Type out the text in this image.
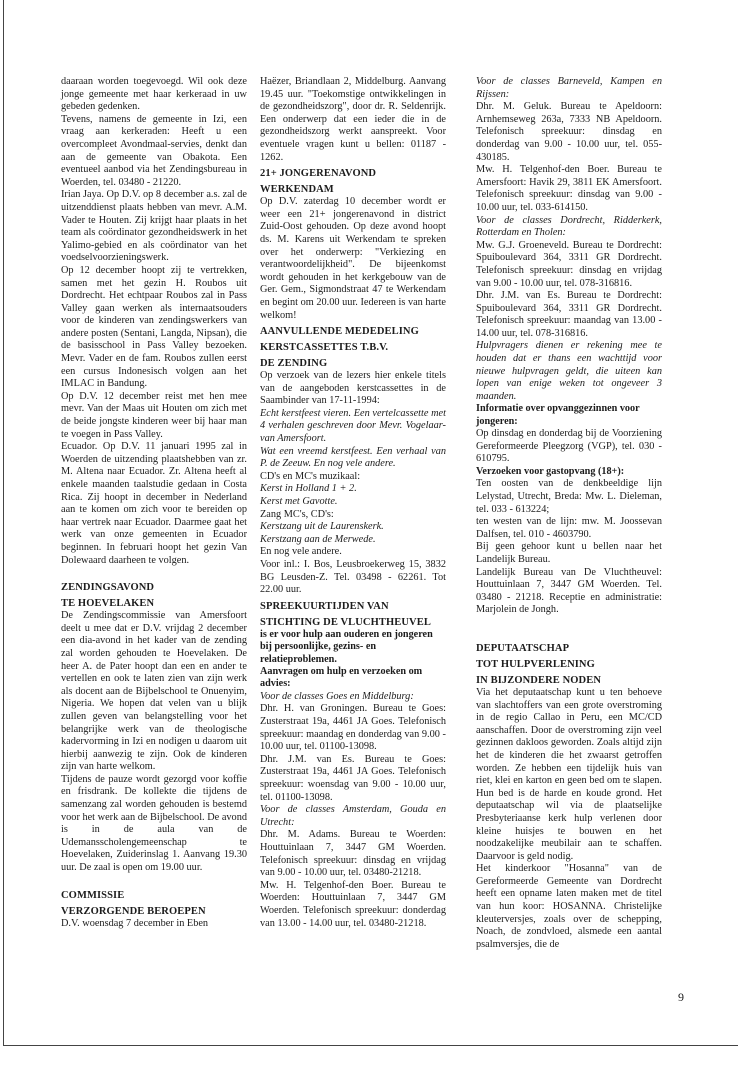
daaraan worden toegevoegd. Wil ook deze jonge gemeente met haar kerkeraad in uw gebeden gedenken.

Tevens, namens de gemeente in Izi, een vraag aan kerkeraden: Heeft u een overcompleet Avondmaal-servies, denkt dan aan de gemeente van Obakota. Een eventueel aanbod via het Zendingsbureau in Woerden, tel. 03480 - 21220.

Irian Jaya. Op D.V. op 8 december a.s. zal de uitzenddienst plaats hebben van mevr. A.M. Vader te Houten. Zij krijgt haar plaats in het team als coördinator gezondheidswerk in het Yalimo-gebied en als coördinator van het voedselvoorzieningswerk.

Op 12 december hoopt zij te vertrekken, samen met het gezin H. Roubos uit Dordrecht. Het echtpaar Roubos zal in Pass Valley gaan werken als internaatsouders voor de kinderen van zendingswerkers van andere posten (Sentani, Langda, Nipsan), die de basisschool in Pass Valley bezoeken. Mevr. Vader en de fam. Roubos zullen eerst een cursus Indonesisch volgen aan het IMLAC in Bandung.

Op D.V. 12 december reist met hen mee mevr. Van der Maas uit Houten om zich met de beide jongste kinderen weer bij haar man te voegen in Pass Valley.

Ecuador. Op D.V. 11 januari 1995 zal in Woerden de uitzending plaatshebben van zr. M. Altena naar Ecuador. Zr. Altena heeft al enkele maanden taalstudie gedaan in Costa Rica. Zij hoopt in december in Nederland aan te komen om zich voor te bereiden op haar vertrek naar Ecuador. Daarmee gaat het werk van onze gemeenten in Ecuador beginnen. In februari hoopt het gezin Van Dolewaard daarheen te volgen.

ZENDINGSAVOND
TE HOEVELAKEN

De Zendingscommissie van Amersfoort deelt u mee dat er D.V. vrijdag 2 december een dia-avond in het kader van de zending zal worden gehouden te Hoevelaken. De heer A. de Pater hoopt dan een en ander te vertellen en ook te laten zien van zijn werk als docent aan de Bijbelschool te Onuenyim, Nigeria. We hopen dat velen van u blijk zullen geven van belangstelling voor het belangrijke werk van de theologische kadervorming in Izi en nodigen u daarom uit hierbij aanwezig te zijn. Ook de kinderen zijn van harte welkom.

Tijdens de pauze wordt gezorgd voor koffie en frisdrank. De kollekte die tijdens de samenzang zal worden gehouden is bestemd voor het werk aan de Bijbelschool. De avond is in de aula van de Udemansscholengemeenschap te Hoevelaken, Zuiderinslag 1. Aanvang 19.30 uur. De zaal is open om 19.00 uur.

COMMISSIE
VERZORGENDE BEROEPEN

D.V. woensdag 7 december in Eben

Haëzer, Briandlaan 2, Middelburg. Aanvang 19.45 uur. "Toekomstige ontwikkelingen in de gezondheidszorg", door dr. R. Seldenrijk. Een onderwerp dat een ieder die in de gezondheidszorg werkt aanspreekt. Voor eventuele vragen kunt u bellen: 01187 - 1262.

21+ JONGERENAVOND
WERKENDAM

Op D.V. zaterdag 10 december wordt er weer een 21+ jongerenavond in district Zuid-Oost gehouden. Op deze avond hoopt ds. M. Karens uit Werkendam te spreken over het onderwerp: "Verkiezing en verantwoordelijkheid". De bijeenkomst wordt gehouden in het kerkgebouw van de Ger. Gem., Sigmondstraat 47 te Werkendam en begint om 20.00 uur. Iedereen is van harte welkom!

AANVULLENDE MEDEDELING
KERSTCASSETTES T.B.V.
DE ZENDING

Op verzoek van de lezers hier enkele titels van de aangeboden kerstcassettes in de Saambinder van 17-11-1994:

Echt kerstfeest vieren. Een vertelcassette met 4 verhalen geschreven door Mevr. Vogelaar-van Amersfoort.

Wat een vreemd kerstfeest. Een verhaal van P. de Zeeuw. En nog vele andere.

CD's en MC's muzikaal:

Kerst in Holland 1 + 2.

Kerst met Gavotte.

Zang MC's, CD's:

Kerstzang uit de Laurenskerk.

Kerstzang aan de Merwede.

En nog vele andere.

Voor inl.: I. Bos, Leusbroekerweg 15, 3832 BG Leusden-Z. Tel. 03498 - 62261. Tot 22.00 uur.

SPREEKUURTIJDEN VAN
STICHTING DE VLUCHTHEUVEL
is er voor hulp aan ouderen en jongeren bij persoonlijke, gezins- en relatieproblemen.
Aanvragen om hulp en verzoeken om advies:

Voor de classes Goes en Middelburg:

Dhr. H. van Groningen. Bureau te Goes: Zusterstraat 19a, 4461 JA Goes. Telefonisch spreekuur: maandag en donderdag van 9.00 - 10.00 uur, tel. 01100-13098.

Dhr. J.M. van Es. Bureau te Goes: Zusterstraat 19a, 4461 JA Goes. Telefonisch spreekuur: woensdag van 9.00 - 10.00 uur, tel. 01100-13098.

Voor de classes Amsterdam, Gouda en Utrecht:

Dhr. M. Adams. Bureau te Woerden: Houttuinlaan 7, 3447 GM Woerden. Telefonisch spreekuur: dinsdag en vrijdag van 9.00 - 10.00 uur, tel. 03480-21218.

Mw. H. Telgenhof-den Boer. Bureau te Woerden: Houttuinlaan 7, 3447 GM Woerden. Telefonisch spreekuur: donderdag van 13.00 - 14.00 uur, tel. 03480-21218.

Voor de classes Barneveld, Kampen en Rijssen:

Dhr. M. Geluk. Bureau te Apeldoorn: Arnhemseweg 263a, 7333 NB Apeldoorn. Telefonisch spreekuur: dinsdag en donderdag van 9.00 - 10.00 uur, tel. 055-430185.

Mw. H. Telgenhof-den Boer. Bureau te Amersfoort: Havik 29, 3811 EK Amersfoort. Telefonisch spreekuur: dinsdag van 9.00 - 10.00 uur, tel. 033-614150.

Voor de classes Dordrecht, Ridderkerk, Rotterdam en Tholen:

Mw. G.J. Groeneveld. Bureau te Dordrecht: Spuiboulevard 364, 3311 GR Dordrecht. Telefonisch spreekuur: dinsdag en vrijdag van 9.00 - 10.00 uur, tel. 078-316816.

Dhr. J.M. van Es. Bureau te Dordrecht: Spuiboulevard 364, 3311 GR Dordrecht. Telefonisch spreekuur: maandag van 13.00 - 14.00 uur, tel. 078-316816.

Hulpvragers dienen er rekening mee te houden dat er thans een wachttijd voor nieuwe hulpvragen geldt, die uiteen kan lopen van enige weken tot ongeveer 3 maanden.

Informatie over opvanggezinnen voor jongeren:

Op dinsdag en donderdag bij de Voorziening Gereformeerde Pleegzorg (VGP), tel. 030 - 610795.

Verzoeken voor gastopvang (18+):

Ten oosten van de denkbeeldige lijn Lelystad, Utrecht, Breda: Mw. L. Dieleman, tel. 033 - 613224;

ten westen van de lijn: mw. M. Joossevan Dalfsen, tel. 010 - 4603790.

Bij geen gehoor kunt u bellen naar het Landelijk Bureau.

Landelijk Bureau van De Vluchtheuvel: Houttuinlaan 7, 3447 GM Woerden. Tel. 03480 - 21218. Receptie en administratie: Marjolein de Jongh.

DEPUTAATSCHAP
TOT HULPVERLENING
IN BIJZONDERE NODEN

Via het deputaatschap kunt u ten behoeve van slachtoffers van een grote overstroming in de regio Callao in Peru, een MC/CD aanschaffen. Door de overstroming zijn veel gezinnen dakloos geworden. Zoals altijd zijn het de kinderen die het zwaarst getroffen worden. Ze hebben een tijdelijk huis van riet, klei en karton en geen bed om te slapen. Hun bed is de harde en koude grond. Het deputaatschap wil via de plaatselijke Presbyteriaanse kerk hulp verlenen door kleine huisjes te bouwen en het noodzakelijke meubilair aan te schaffen. Daarvoor is geld nodig.

Het kinderkoor "Hosanna" van de Gereformeerde Gemeente van Dordrecht heeft een opname laten maken met de titel van hun koor: HOSANNA. Christelijke kleuterversjes, zoals over de schepping, Noach, de zondvloed, alsmede een aantal psalmversjes, die de

9
